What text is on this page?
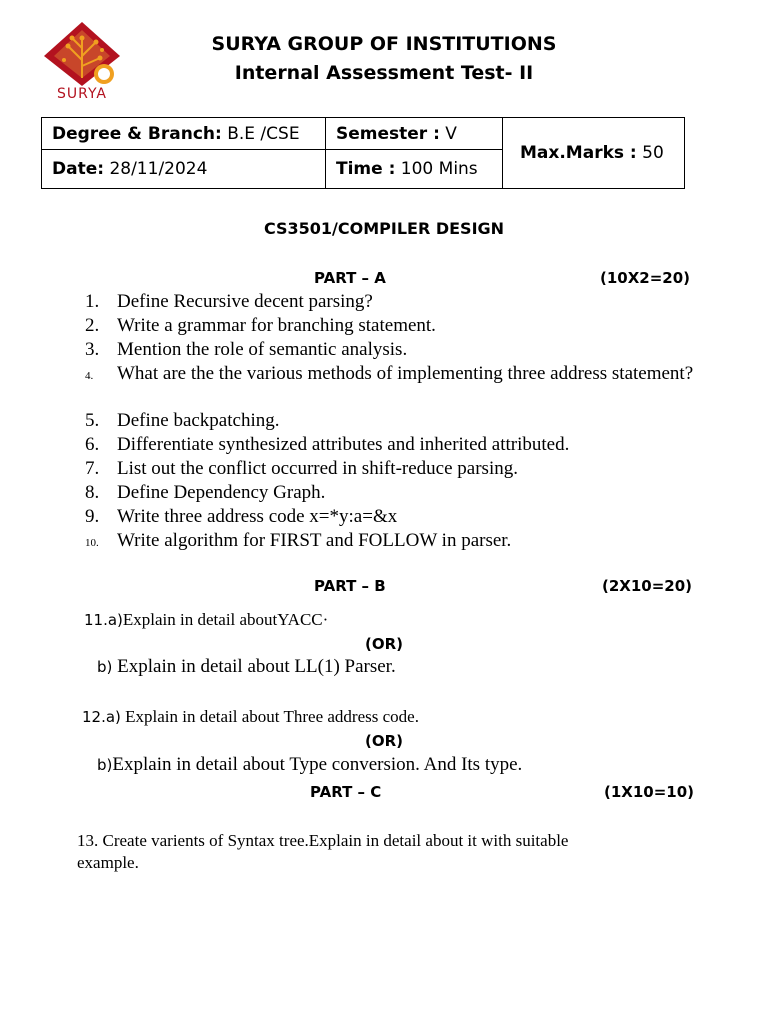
SURYA
SURYA GROUP OF INSTITUTIONS
Internal Assessment Test- II
Degree & Branch: B.E /CSE	Semester : V	Max.Marks : 50
Date: 28/11/2024	Time : 100 Mins	
CS3501/COMPILER DESIGN
PART – A	(10X2=20)
1. Define Recursive decent parsing?
2. Write a grammar for branching statement.
3. Mention the role of semantic analysis.
4. What are the the various methods of implementing three address statement?
5. Define backpatching.
6. Differentiate synthesized attributes and inherited attributed.
7. List out the conflict occurred in shift-reduce parsing.
8. Define Dependency Graph.
9. Write three address code x=*y:a=&x
10. Write algorithm for FIRST and FOLLOW in parser.
PART – B	(2X10=20)
11.a)Explain in detail aboutYACC·
(OR)
b) Explain in detail about LL(1) Parser.
12.a) Explain in detail about Three address code.
(OR)
b)Explain in detail about Type conversion. And Its type.
PART – C	(1X10=10)
13. Create varients of Syntax tree.Explain in detail about it with suitable
example.
